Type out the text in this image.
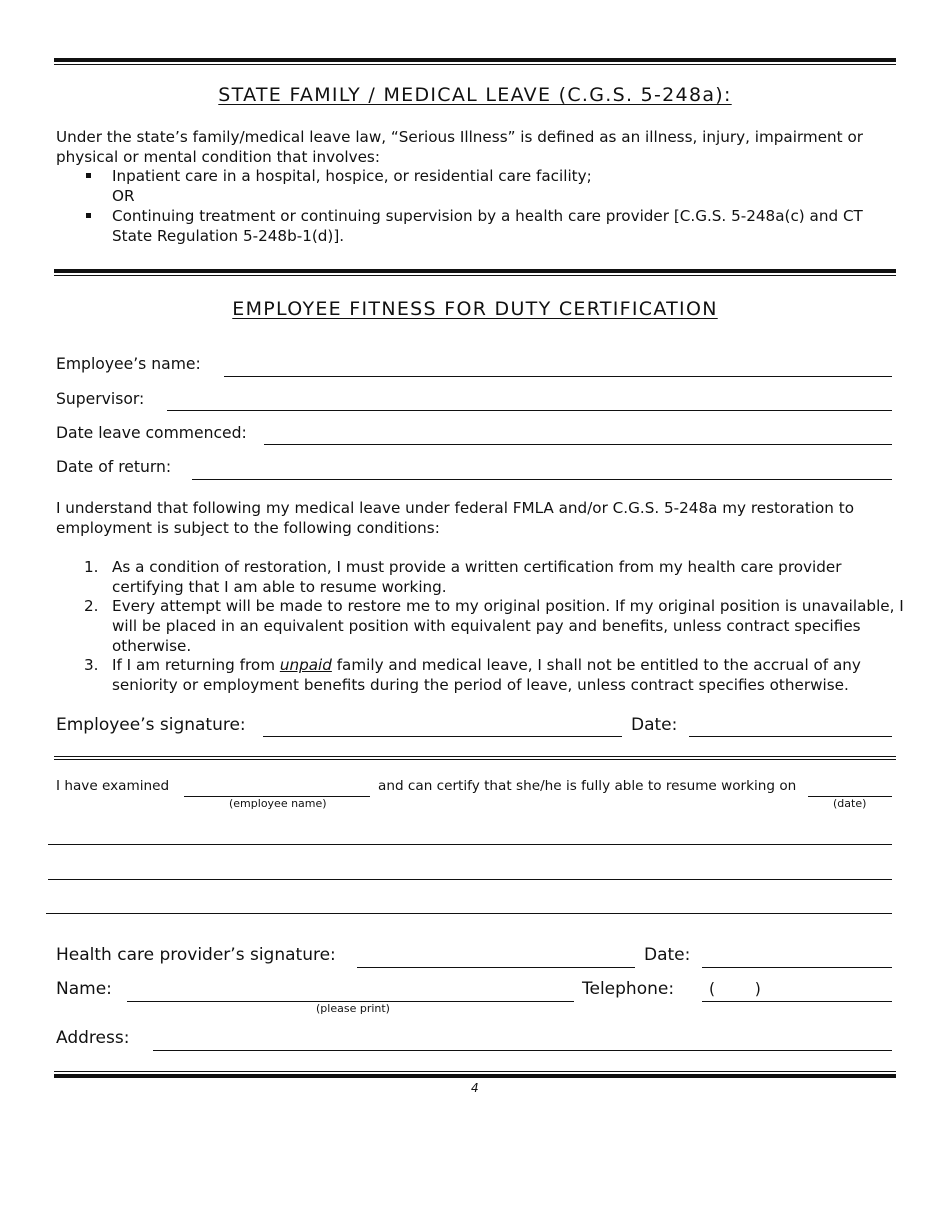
STATE FAMILY / MEDICAL LEAVE (C.G.S. 5-248a):
Under the state’s family/medical leave law, “Serious Illness” is defined as an illness, injury, impairment or
physical or mental condition that involves:
Inpatient care in a hospital, hospice, or residential care facility;
OR
Continuing treatment or continuing supervision by a health care provider [C.G.S. 5-248a(c) and CT
State Regulation 5-248b-1(d)].
EMPLOYEE FITNESS FOR DUTY CERTIFICATION
Employee’s name:
Supervisor:
Date leave commenced:
Date of return:
I understand that following my medical leave under federal FMLA and/or C.G.S. 5-248a my restoration to
employment is subject to the following conditions:
1. As a condition of restoration, I must provide a written certification from my health care provider
certifying that I am able to resume working.
2. Every attempt will be made to restore me to my original position. If my original position is unavailable, I
will be placed in an equivalent position with equivalent pay and benefits, unless contract specifies
otherwise.
3. If I am returning from unpaid family and medical leave, I shall not be entitled to the accrual of any
seniority or employment benefits during the period of leave, unless contract specifies otherwise.
Employee’s signature:	Date:
I have examined
(employee name)
and can certify that she/he is fully able to resume working on
(date)
Health care provider’s signature:	Date:
Name:
(please print)
Telephone: (        )
Address:
4
